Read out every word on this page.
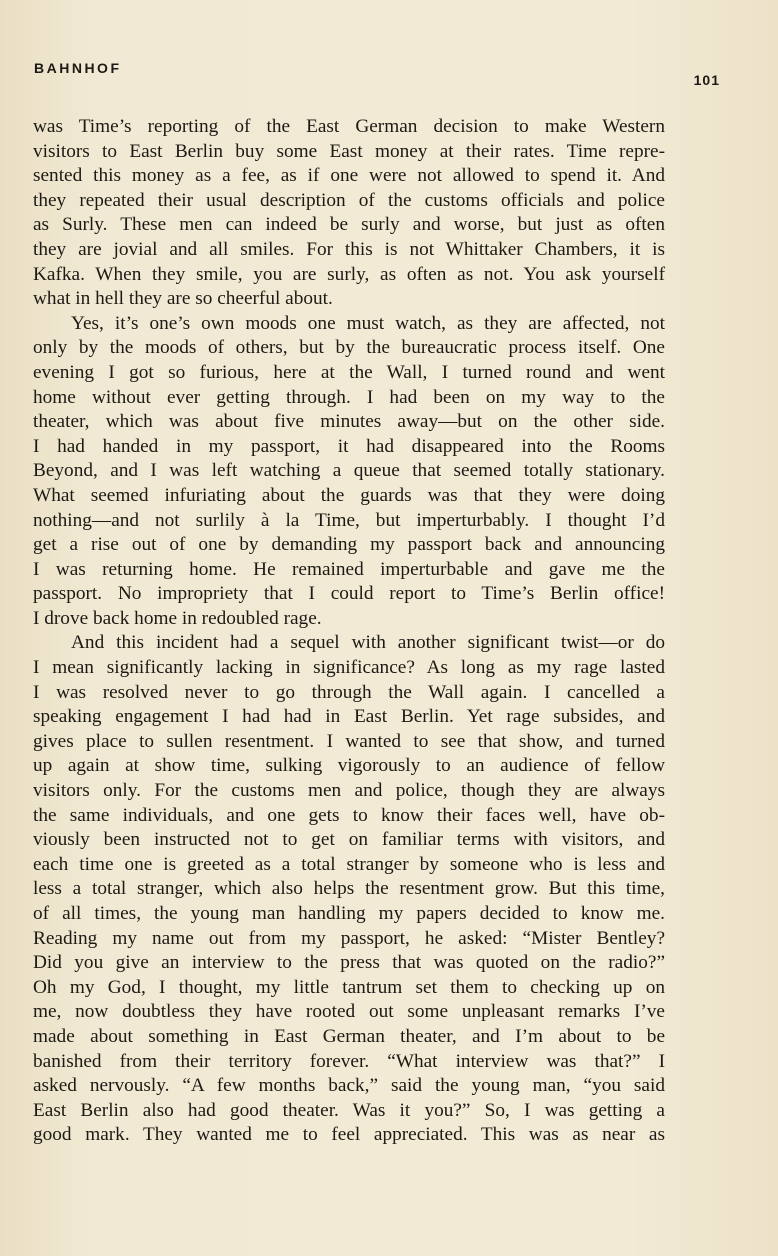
BAHNHOF
101

was Time’s reporting of the East German decision to make Western
visitors to East Berlin buy some East money at their rates. Time repre-
sented this money as a fee, as if one were not allowed to spend it. And
they repeated their usual description of the customs officials and police
as Surly. These men can indeed be surly and worse, but just as often
they are jovial and all smiles. For this is not Whittaker Chambers, it is
Kafka. When they smile, you are surly, as often as not. You ask yourself
what in hell they are so cheerful about.

Yes, it’s one’s own moods one must watch, as they are affected, not
only by the moods of others, but by the bureaucratic process itself. One
evening I got so furious, here at the Wall, I turned round and went
home without ever getting through. I had been on my way to the
theater, which was about five minutes away—but on the other side.
I had handed in my passport, it had disappeared into the Rooms
Beyond, and I was left watching a queue that seemed totally stationary.
What seemed infuriating about the guards was that they were doing
nothing—and not surlily à la Time, but imperturbably. I thought I’d
get a rise out of one by demanding my passport back and announcing
I was returning home. He remained imperturbable and gave me the
passport. No impropriety that I could report to Time’s Berlin office!
I drove back home in redoubled rage.

And this incident had a sequel with another significant twist—or do
I mean significantly lacking in significance? As long as my rage lasted
I was resolved never to go through the Wall again. I cancelled a
speaking engagement I had had in East Berlin. Yet rage subsides, and
gives place to sullen resentment. I wanted to see that show, and turned
up again at show time, sulking vigorously to an audience of fellow
visitors only. For the customs men and police, though they are always
the same individuals, and one gets to know their faces well, have ob-
viously been instructed not to get on familiar terms with visitors, and
each time one is greeted as a total stranger by someone who is less and
less a total stranger, which also helps the resentment grow. But this time,
of all times, the young man handling my papers decided to know me.
Reading my name out from my passport, he asked: “Mister Bentley?
Did you give an interview to the press that was quoted on the radio?”
Oh my God, I thought, my little tantrum set them to checking up on
me, now doubtless they have rooted out some unpleasant remarks I’ve
made about something in East German theater, and I’m about to be
banished from their territory forever. “What interview was that?” I
asked nervously. “A few months back,” said the young man, “you said
East Berlin also had good theater. Was it you?” So, I was getting a
good mark. They wanted me to feel appreciated. This was as near as
